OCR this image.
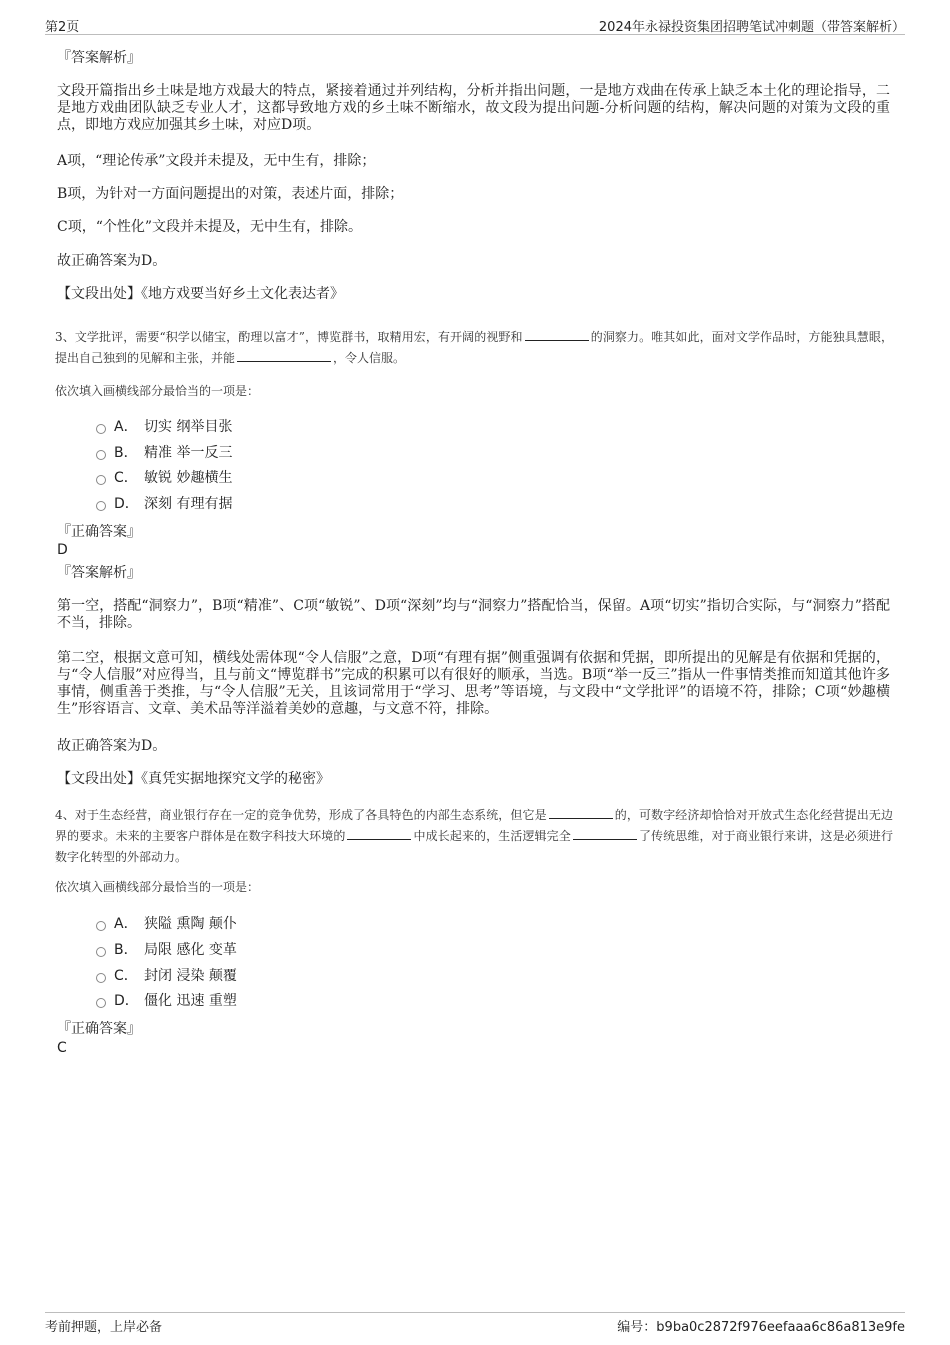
第2页	2024年永禄投资集团招聘笔试冲刺题（带答案解析）
『答案解析』
文段开篇指出乡土味是地方戏最大的特点，紧接着通过并列结构，分析并指出问题，一是地方戏曲在传承上缺乏本土化的理论指导，二是地方戏曲团队缺乏专业人才，这都导致地方戏的乡土味不断缩水，故文段为提出问题-分析问题的结构，解决问题的对策为文段的重点，即地方戏应加强其乡土味，对应D项。
A项，“理论传承”文段并未提及，无中生有，排除；
B项，为针对一方面问题提出的对策，表述片面，排除；
C项，“个性化”文段并未提及，无中生有，排除。
故正确答案为D。
【文段出处】《地方戏要当好乡土文化表达者》
3、文学批评，需要“积学以储宝，酌理以富才”，博览群书，取精用宏，有开阔的视野和	的洞察力。唯其如此，面对文学作品时，方能独具慧眼，提出自己独到的见解和主张，并能	，令人信服。
依次填入画横线部分最恰当的一项是：
A． 切实 纲举目张
B． 精准 举一反三
C． 敏锐 妙趣横生
D． 深刻 有理有据
『正确答案』
D
『答案解析』
第一空，搭配“洞察力”，B项“精准”、C项“敏锐”、D项“深刻”均与“洞察力”搭配恰当，保留。A项“切实”指切合实际，与“洞察力”搭配不当，排除。
第二空，根据文意可知，横线处需体现“令人信服”之意，D项“有理有据”侧重强调有依据和凭据，即所提出的见解是有依据和凭据的，与“令人信服”对应得当，且与前文“博览群书”完成的积累可以有很好的顺承，当选。B项“举一反三”指从一件事情类推而知道其他许多事情，侧重善于类推，与“令人信服”无关，且该词常用于“学习、思考”等语境，与文段中“文学批评”的语境不符，排除；C项“妙趣横生”形容语言、文章、美术品等洋溢着美妙的意趣，与文意不符，排除。
故正确答案为D。
【文段出处】《真凭实据地探究文学的秘密》
4、对于生态经营，商业银行存在一定的竞争优势，形成了各具特色的内部生态系统，但它是	的，可数字经济却恰恰对开放式生态化经营提出无边界的要求。未来的主要客户群体是在数字科技大环境的	中成长起来的，生活逻辑完全	了传统思维，对于商业银行来讲，这是必须进行数字化转型的外部动力。
依次填入画横线部分最恰当的一项是：
A． 狭隘 熏陶 颠仆
B． 局限 感化 变革
C． 封闭 浸染 颠覆
D． 僵化 迅速 重塑
『正确答案』
C
考前押题，上岸必备	编号：b9ba0c2872f976eefaaa6c86a813e9fe
